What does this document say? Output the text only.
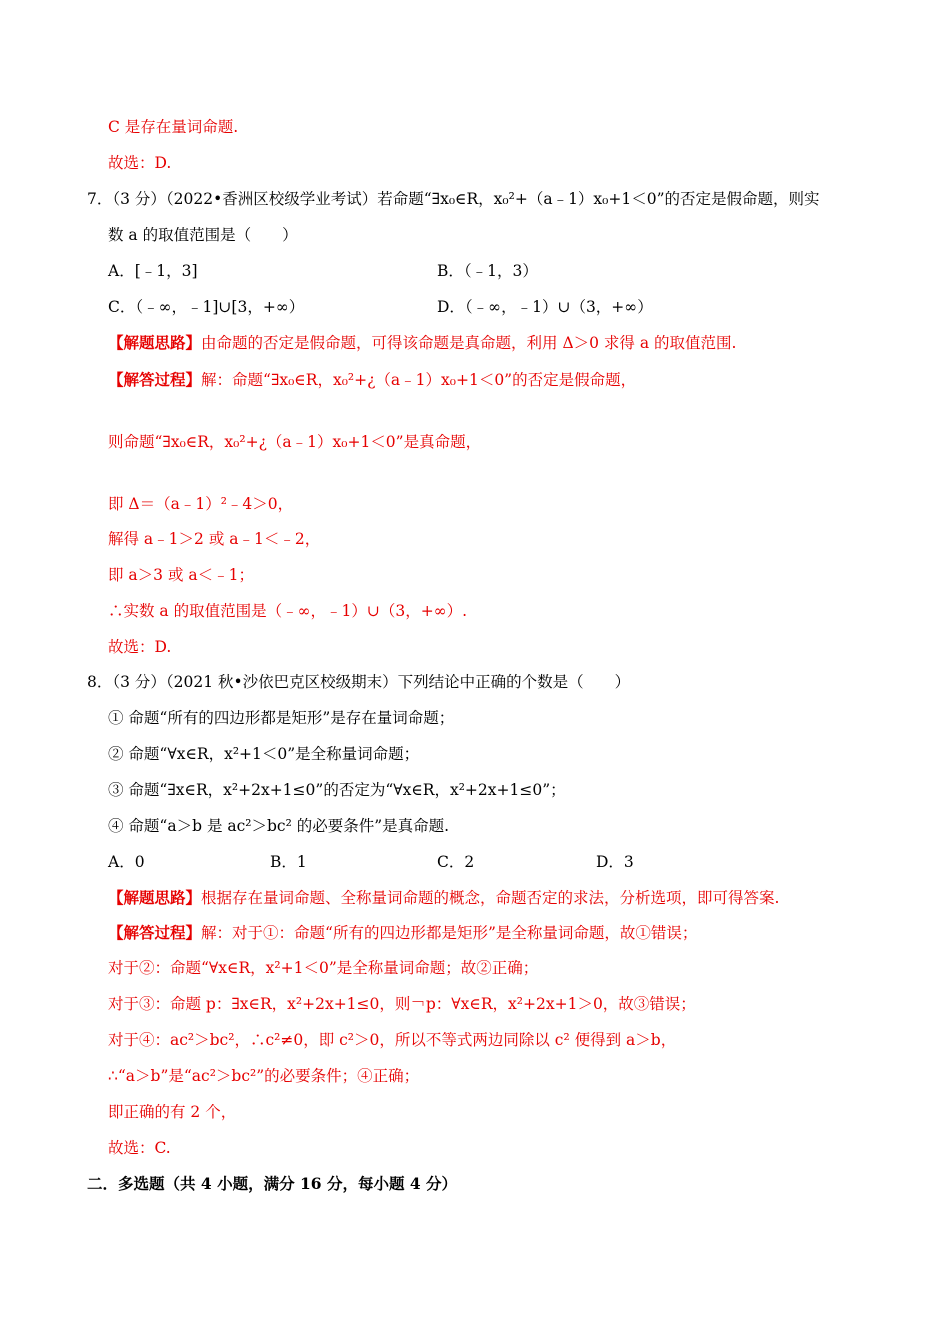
C 是存在量词命题.
故选：D.
7．（3 分）（2022•香洲区校级学业考试）若命题“∃x₀∈R，x₀²+（a﹣1）x₀+1＜0”的否定是假命题，则实
数 a 的取值范围是（　　）
A．[﹣1，3]	B．（﹣1，3）
C．（﹣∞，﹣1]∪[3，+∞）	D．（﹣∞，﹣1）∪（3，+∞）
【解题思路】由命题的否定是假命题，可得该命题是真命题，利用 Δ＞0 求得 a 的取值范围.
【解答过程】解：命题“∃x₀∈R，x₀²+¿（a﹣1）x₀+1＜0”的否定是假命题，
则命题“∃x₀∈R，x₀²+¿（a﹣1）x₀+1＜0”是真命题，
即 Δ＝（a﹣1）²﹣4＞0，
解得 a﹣1＞2 或 a﹣1＜﹣2，
即 a＞3 或 a＜﹣1；
∴实数 a 的取值范围是（﹣∞，﹣1）∪（3，+∞）.
故选：D.
8．（3 分）（2021 秋•沙依巴克区校级期末）下列结论中正确的个数是（　　）
① 命题“所有的四边形都是矩形”是存在量词命题；
② 命题“∀x∈R，x²+1＜0”是全称量词命题；
③ 命题“∃x∈R，x²+2x+1≤0”的否定为“∀x∈R，x²+2x+1≤0”；
④ 命题“a＞b 是 ac²＞bc² 的必要条件”是真命题.
A．0	B．1	C．2	D．3
【解题思路】根据存在量词命题、全称量词命题的概念，命题否定的求法，分析选项，即可得答案.
【解答过程】解：对于①：命题“所有的四边形都是矩形”是全称量词命题，故①错误；
对于②：命题“∀x∈R，x²+1＜0”是全称量词命题；故②正确；
对于③：命题 p：∃x∈R，x²+2x+1≤0，则￢p：∀x∈R，x²+2x+1＞0，故③错误；
对于④：ac²＞bc²，∴c²≠0，即 c²＞0，所以不等式两边同除以 c² 便得到 a＞b，
∴“a＞b”是“ac²＞bc²”的必要条件；④正确；
即正确的有 2 个，
故选：C.
二．多选题（共 4 小题，满分 16 分，每小题 4 分）
